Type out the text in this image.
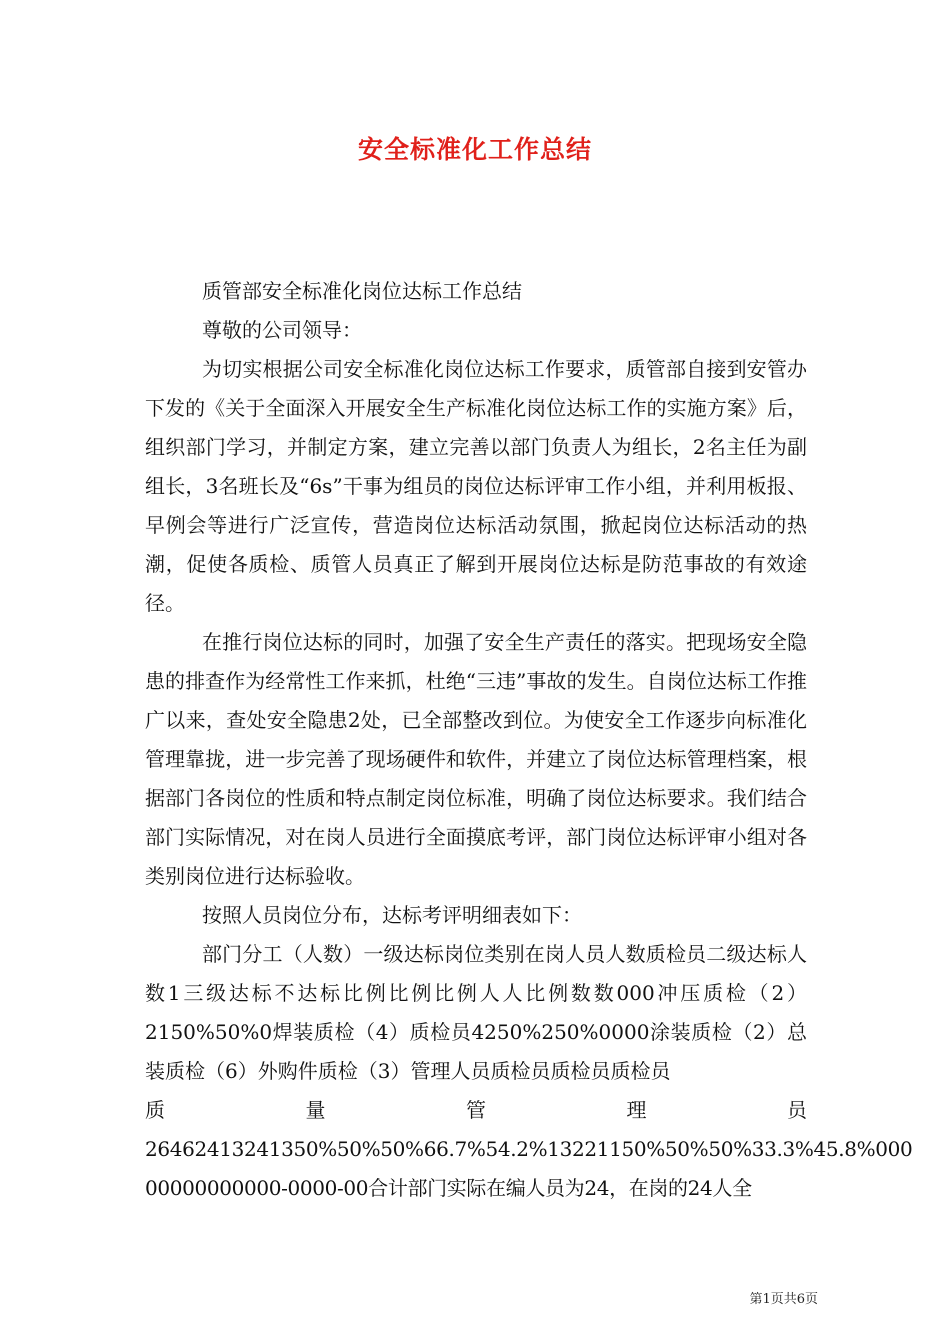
安全标准化工作总结

质管部安全标准化岗位达标工作总结

尊敬的公司领导：

为切实根据公司安全标准化岗位达标工作要求，质管部自接到安管办下发的《关于全面深入开展安全生产标准化岗位达标工作的实施方案》后，组织部门学习，并制定方案，建立完善以部门负责人为组长，2名主任为副组长，3名班长及“6s”干事为组员的岗位达标评审工作小组，并利用板报、早例会等进行广泛宣传，营造岗位达标活动氛围，掀起岗位达标活动的热潮，促使各质检、质管人员真正了解到开展岗位达标是防范事故的有效途径。

在推行岗位达标的同时，加强了安全生产责任的落实。把现场安全隐患的排查作为经常性工作来抓，杜绝“三违”事故的发生。自岗位达标工作推广以来，查处安全隐患2处，已全部整改到位。为使安全工作逐步向标准化管理靠拢，进一步完善了现场硬件和软件，并建立了岗位达标管理档案，根据部门各岗位的性质和特点制定岗位标准，明确了岗位达标要求。我们结合部门实际情况，对在岗人员进行全面摸底考评，部门岗位达标评审小组对各类别岗位进行达标验收。

按照人员岗位分布，达标考评明细表如下：

部门分工（人数）一级达标岗位类别在岗人员人数质检员二级达标人数1三级达标不达标比例比例比例人人比例数数000冲压质检（2）2150%50%0焊装质检（4）质检员4250%250%0000涂装质检（2）总装质检（6）外购件质检（3）管理人员质检员质检员质检员

质量管理员

26462413241350%50%50%66.7%54.2%13221150%50%50%33.3%45.8%000

00000000000-0000-00合计部门实际在编人员为24，在岗的24人全

第1页共6页
